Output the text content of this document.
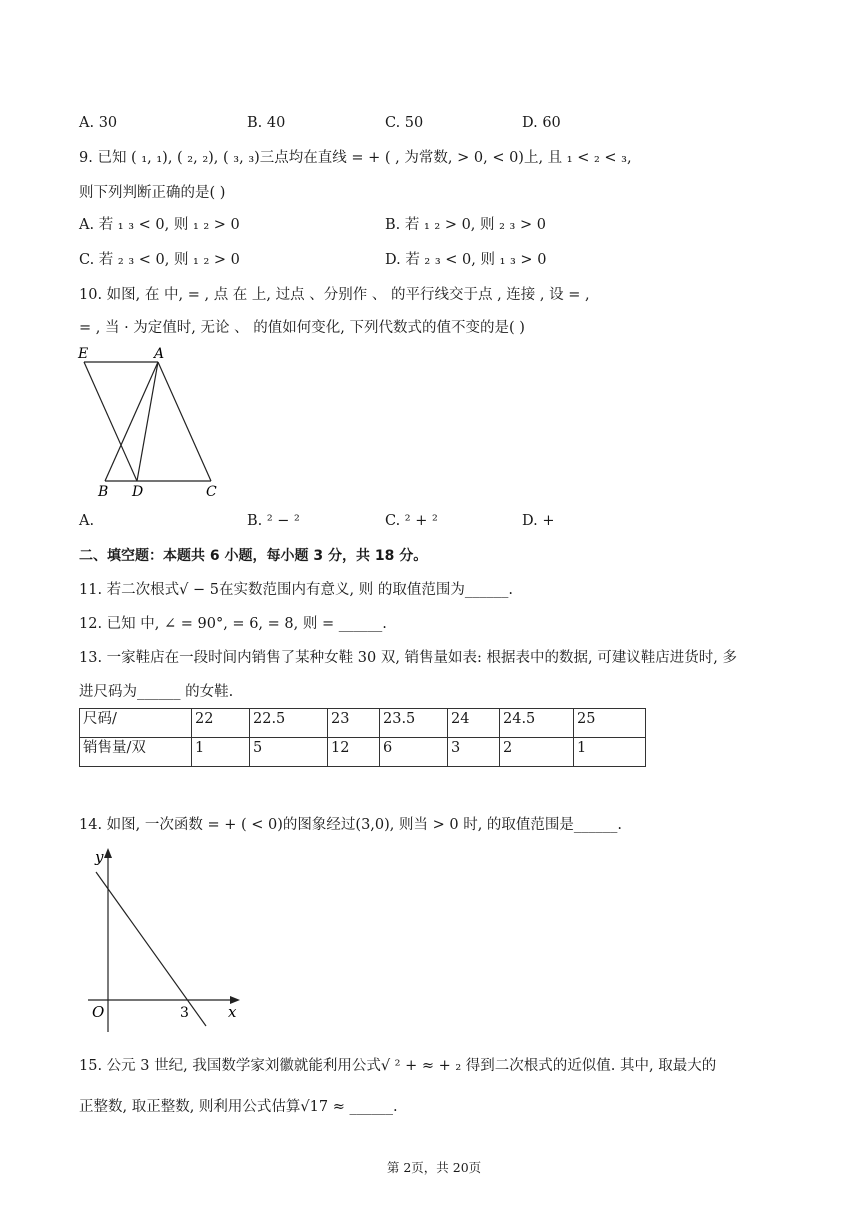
A. 30	B. 40	C. 50	D. 60
9. 已知 ( ₁, ₁), ( ₂, ₂), ( ₃, ₃)三点均在直线 = + ( , 为常数, > 0, < 0)上, 且 ₁ < ₂ < ₃,
则下列判断正确的是( )
A. 若 ₁ ₃ < 0, 则 ₁ ₂ > 0	B. 若 ₁ ₂ > 0, 则 ₂ ₃ > 0
C. 若 ₂ ₃ < 0, 则 ₁ ₂ > 0	D. 若 ₂ ₃ < 0, 则 ₁ ₃ > 0
10. 如图, 在 中, = , 点 在 上, 过点 、分别作 、 的平行线交于点 , 连接 , 设 = ,
= , 当 · 为定值时, 无论 、 的值如何变化, 下列代数式的值不变的是( )
E	A
B D	C
A.	B. ² − ²	C. ² + ²	D. +
二、填空题：本题共 6 小题，每小题 3 分，共 18 分。
11. 若二次根式√ − 5在实数范围内有意义, 则 的取值范围为______.
12. 已知 中, ∠ = 90°, = 6, = 8, 则 = ______.
13. 一家鞋店在一段时间内销售了某种女鞋 30 双, 销售量如表: 根据表中的数据, 可建议鞋店进货时, 多
进尺码为______ 的女鞋.
尺码/	22	22.5	23	23.5	24	24.5	25
销售量/双	1	5	12	6	3	2	1
14. 如图, 一次函数 = + ( < 0)的图象经过(3,0), 则当 > 0 时, 的取值范围是______.
y
x
O	3
15. 公元 3 世纪, 我国数学家刘徽就能利用公式√ ² + ≈ + ₂ 得到二次根式的近似值. 其中, 取最大的
正整数, 取正整数, 则利用公式估算√17 ≈ ______.
第 2页，共 20页
